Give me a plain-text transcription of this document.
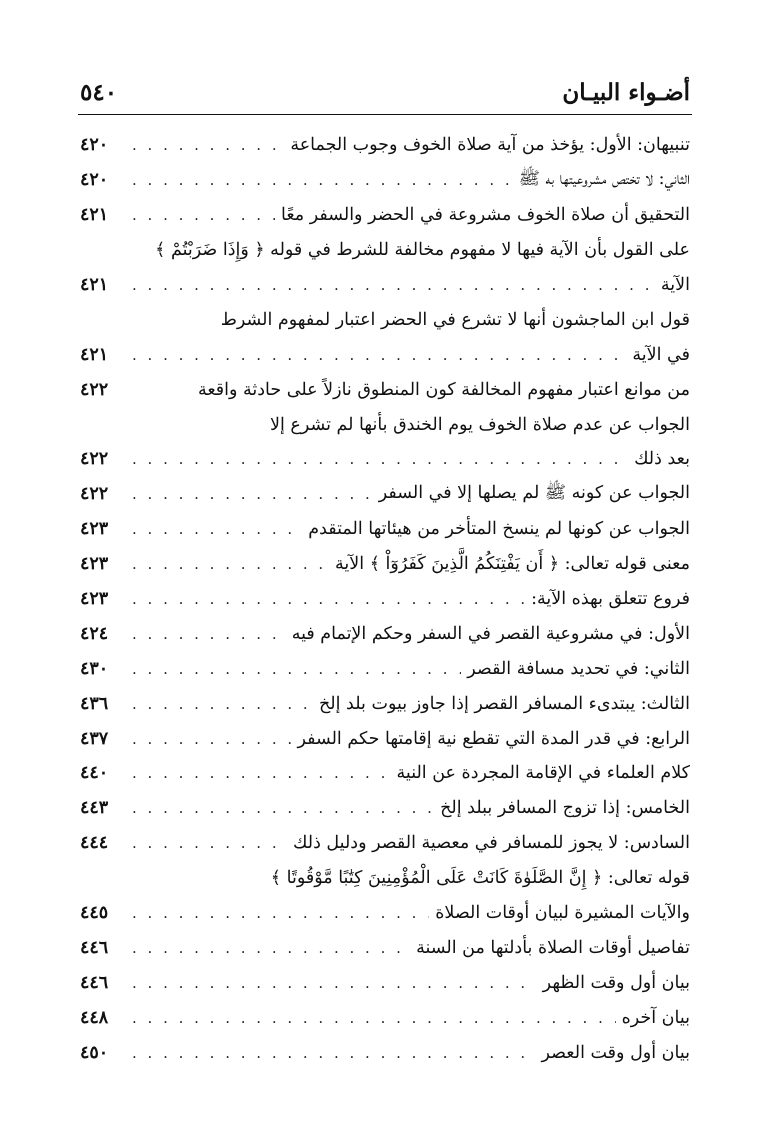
٥٤٠	أضـواء البيـان
تنبيهان: الأول: يؤخذ من آية صلاة الخوف وجوب الجماعة
. . .
٤٢٠
الثاني: لا تختص مشروعيتها به ﷺ
. . .
٤٢٠
التحقيق أن صلاة الخوف مشروعة في الحضر والسفر معًا
. . .
٤٢١
على القول بأن الآية فيها لا مفهوم مخالفة للشرط في قوله ﴿ وَإِذَا ضَرَبْتُمْ ﴾
الآية
. . .
٤٢١
قول ابن الماجشون أنها لا تشرع في الحضر اعتبار لمفهوم الشرط
في الآية
. . .
٤٢١
من موانع اعتبار مفهوم المخالفة كون المنطوق نازلاً على حادثة واقعة
٤٢٢
الجواب عن عدم صلاة الخوف يوم الخندق بأنها لم تشرع إلا
بعد ذلك
. . .
٤٢٢
الجواب عن كونه ﷺ لم يصلها إلا في السفر
. . .
٤٢٢
الجواب عن كونها لم ينسخ المتأخر من هيئاتها المتقدم
. . .
٤٢٣
معنى قوله تعالى: ﴿ أَن يَفْتِنَكُمُ الَّذِينَ كَفَرُوٓاْ ﴾ الآية
. . .
٤٢٣
فروع تتعلق بهذه الآية:
. . .
٤٢٣
الأول: في مشروعية القصر في السفر وحكم الإتمام فيه
. . .
٤٢٤
الثاني: في تحديد مسافة القصر
. . .
٤٣٠
الثالث: يبتدىء المسافر القصر إذا جاوز بيوت بلد إلخ
. . .
٤٣٦
الرابع: في قدر المدة التي تقطع نية إقامتها حكم السفر
. . .
٤٣٧
كلام العلماء في الإقامة المجردة عن النية
. . .
٤٤٠
الخامس: إذا تزوج المسافر ببلد إلخ
. . .
٤٤٣
السادس: لا يجوز للمسافر في معصية القصر ودليل ذلك
. . .
٤٤٤
قوله تعالى: ﴿ إِنَّ الصَّلَوٰةَ كَانَتْ عَلَى الْمُؤْمِنِينَ كِتَٰبًا مَّوْقُوتًا ﴾
والآيات المشيرة لبيان أوقات الصلاة
. . .
٤٤٥
تفاصيل أوقات الصلاة بأدلتها من السنة
. . .
٤٤٦
بيان أول وقت الظهر
. . .
٤٤٦
بيان آخره
. . .
٤٤٨
بيان أول وقت العصر
. . .
٤٥٠
